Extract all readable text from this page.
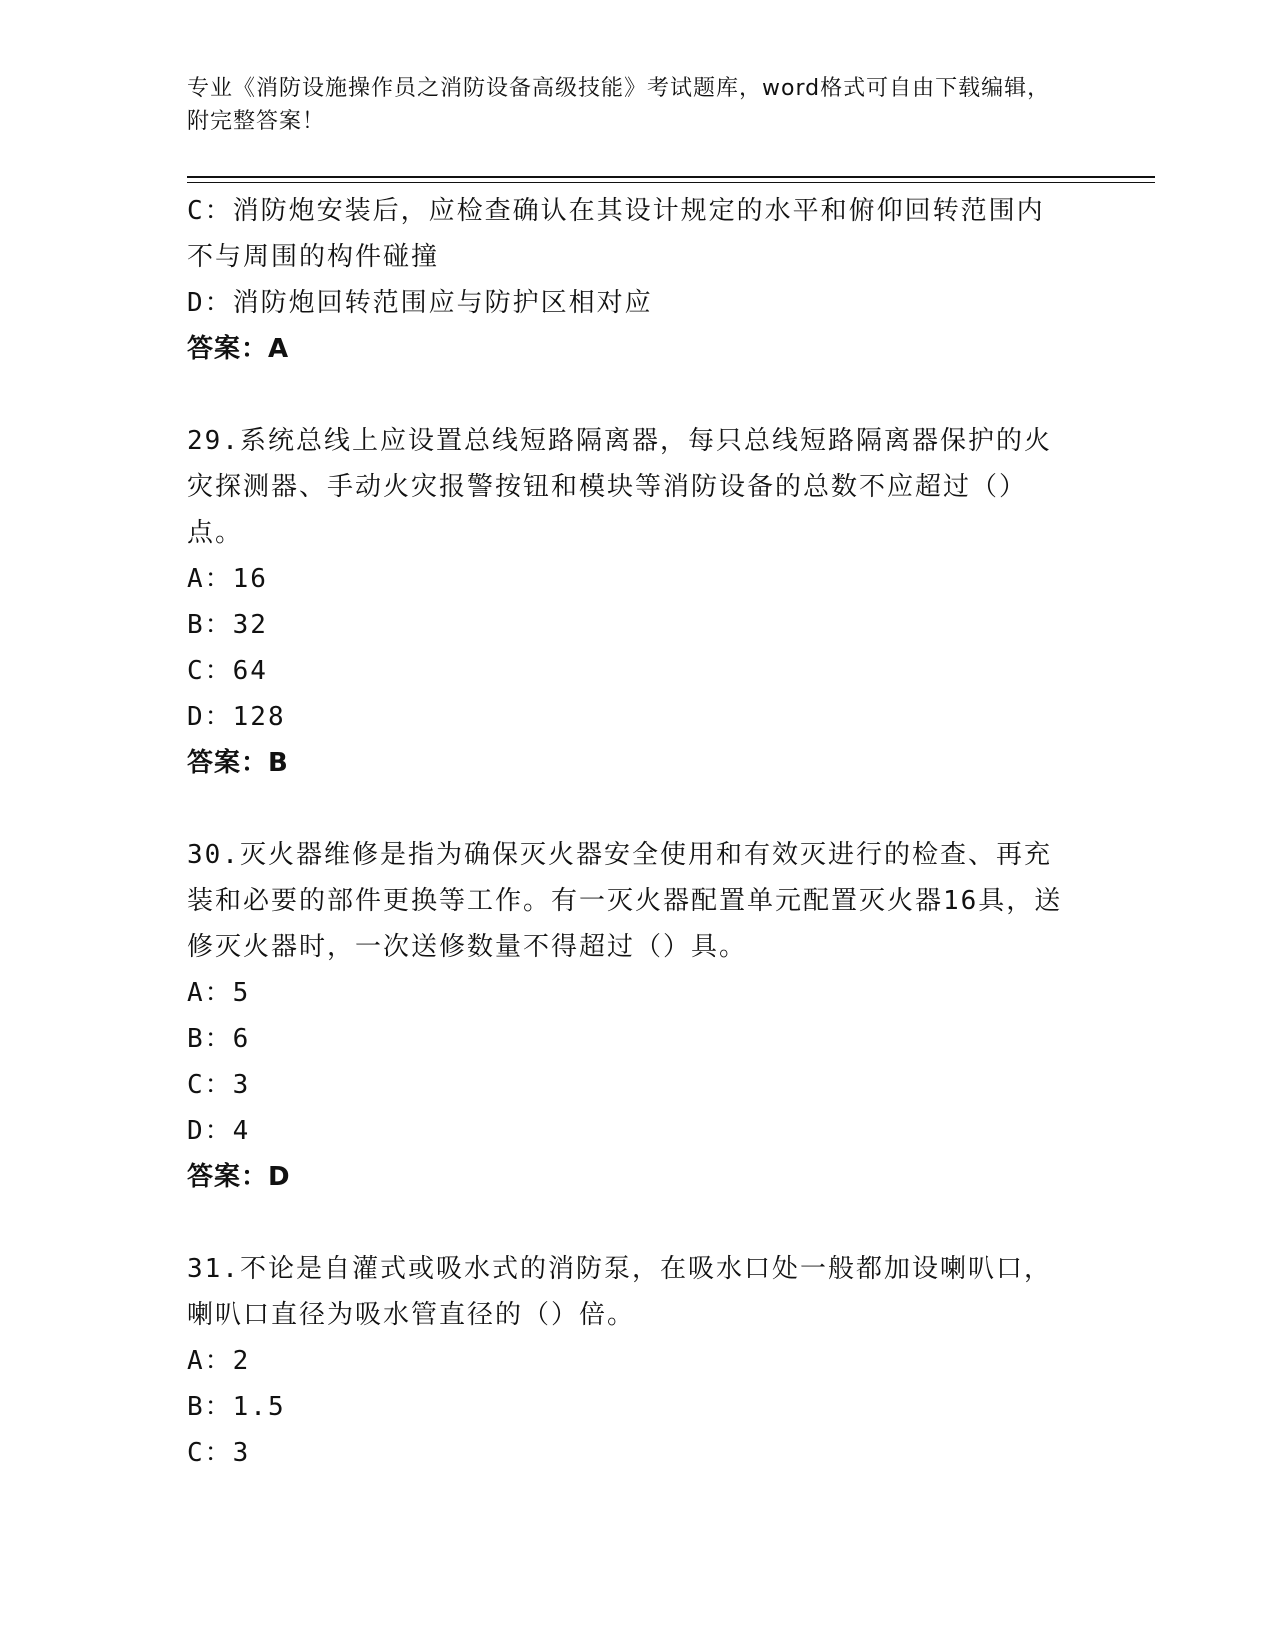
专业《消防设施操作员之消防设备高级技能》考试题库，word格式可自由下载编辑，附完整答案！
C：消防炮安装后，应检查确认在其设计规定的水平和俯仰回转范围内不与周围的构件碰撞
D：消防炮回转范围应与防护区相对应
答案：A
29.系统总线上应设置总线短路隔离器，每只总线短路隔离器保护的火灾探测器、手动火灾报警按钮和模块等消防设备的总数不应超过（）点。
A：16
B：32
C：64
D：128
答案：B
30.灭火器维修是指为确保灭火器安全使用和有效灭进行的检查、再充装和必要的部件更换等工作。有一灭火器配置单元配置灭火器16具，送修灭火器时，一次送修数量不得超过（）具。
A：5
B：6
C：3
D：4
答案：D
31.不论是自灌式或吸水式的消防泵，在吸水口处一般都加设喇叭口，喇叭口直径为吸水管直径的（）倍。
A：2
B：1.5
C：3
